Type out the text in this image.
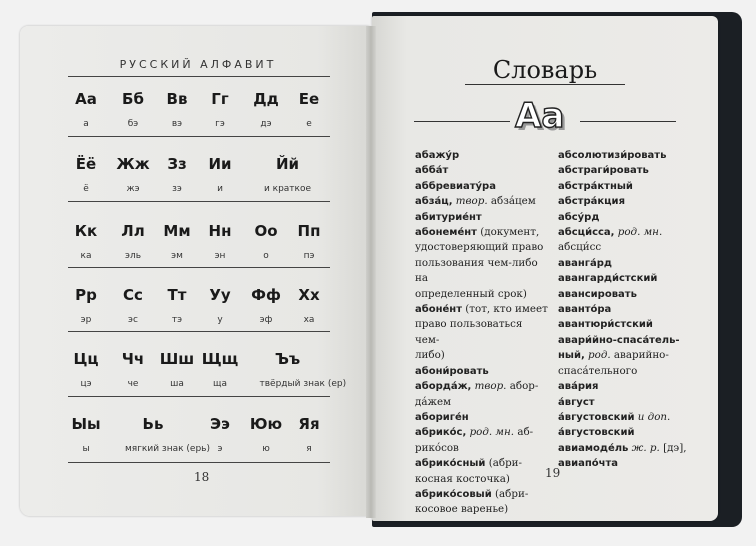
РУССКИЙ АЛФАВИТ
Аа
а
Бб
бэ
Вв
вэ
Гг
гэ
Дд
дэ
Ее
е
Ёё
ё
Жж
жэ
Зз
зэ
Ии
и
Йй
и краткое
Кк
ка
Лл
эль
Мм
эм
Нн
эн
Оо
о
Пп
пэ
Рр
эр
Сс
эс
Тт
тэ
Уу
у
Фф
эф
Хх
ха
Цц
цэ
Чч
че
Шш
ша
Щщ
ща
Ъъ
твёрдый знак (ер)
Ыы
ы
Ьь
мягкий знак (ерь)
Ээ
э
Юю
ю
Яя
я
18
Словарь
Аа
абажу́р
абба́т
аббревиату́ра
абза́ц, твор. абза́цем
абитурие́нт
абонеме́нт (документ,
удостоверяющий право
пользования чем-либо на
определенный срок)
абоне́нт (тот, кто имеет
право пользоваться чем-
либо)
абони́ровать
аборда́ж, твор. абор-
да́жем
абориге́н
абрико́с, род. мн. аб-
рико́сов
абрико́сный (абри-
косная косточка)
абрико́совый (абри-
косовое варенье)
абсолютизи́ровать
абстраги́ровать
абстра́ктный
абстра́кция
абсу́рд
абсци́сса, род. мн.
абсци́сс
аванга́рд
авангарди́стский
авансировать
аванто́ра
авантюри́стский
авари́йно-спаса́тель-
ный, род. аварийно-
спаса́тельного
ава́рия
а́вгуст
а́вгустовский и доп.
а́вгустовский
авиамоде́ль ж. р. [дэ],
авиапо́чта
19
